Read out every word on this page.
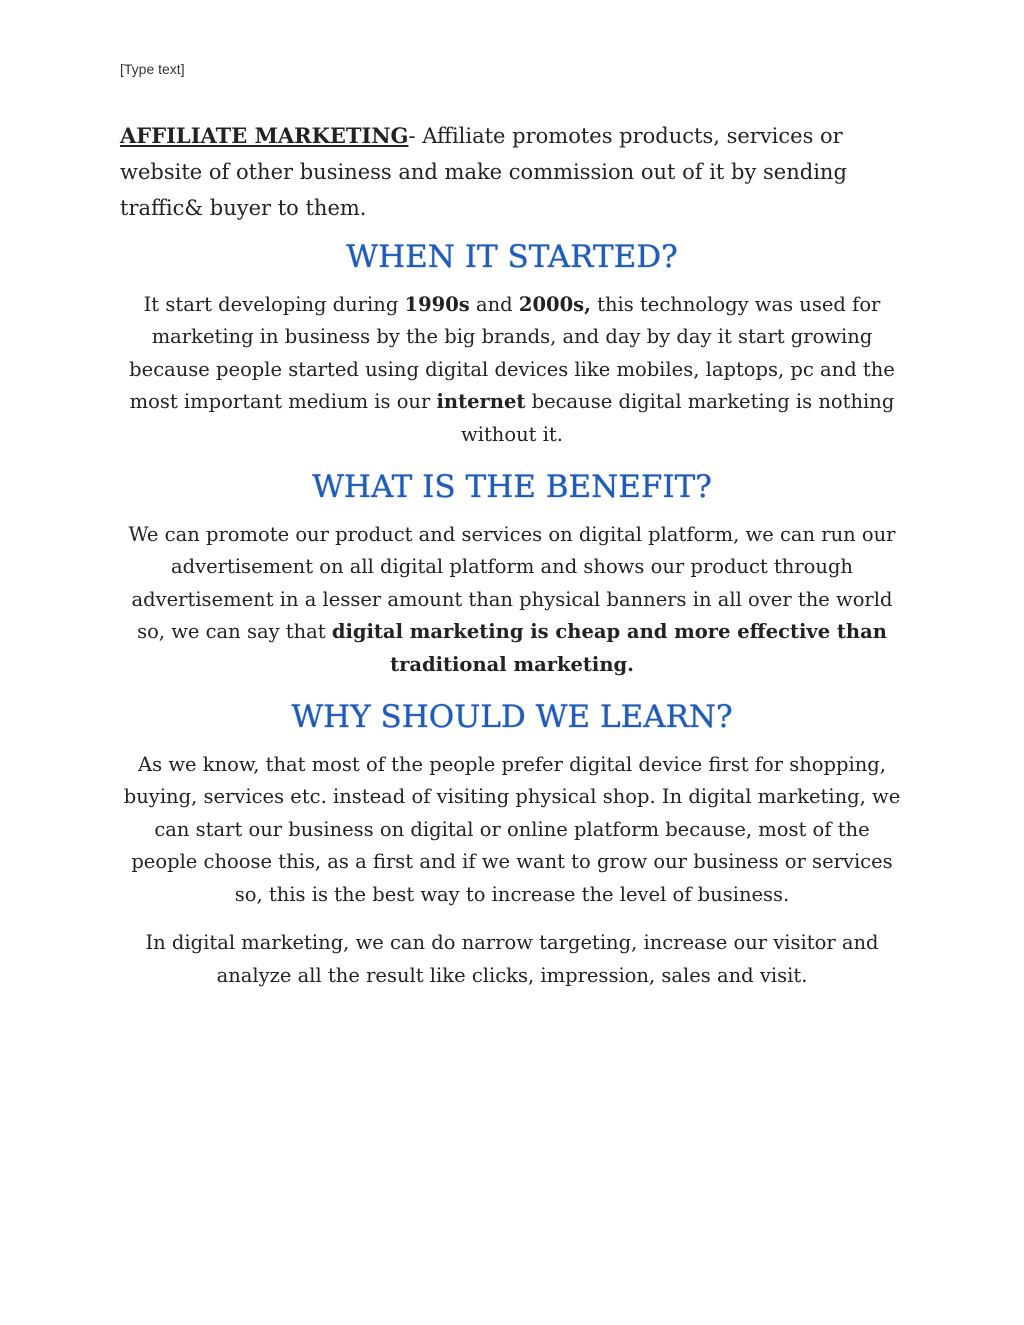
[Type text]

AFFILIATE MARKETING- Affiliate promotes products, services or website of other business and make commission out of it by sending traffic& buyer to them.

WHEN IT STARTED?

It start developing during 1990s and 2000s, this technology was used for marketing in business by the big brands, and day by day it start growing because people started using digital devices like mobiles, laptops, pc and the most important medium is our internet because digital marketing is nothing without it.

WHAT IS THE BENEFIT?

We can promote our product and services on digital platform, we can run our advertisement on all digital platform and shows our product through advertisement in a lesser amount than physical banners in all over the world so, we can say that digital marketing is cheap and more effective than traditional marketing.

WHY SHOULD WE LEARN?

As we know, that most of the people prefer digital device first for shopping, buying, services etc. instead of visiting physical shop. In digital marketing, we can start our business on digital or online platform because, most of the people choose this, as a first and if we want to grow our business or services so, this is the best way to increase the level of business.

In digital marketing, we can do narrow targeting, increase our visitor and analyze all the result like clicks, impression, sales and visit.
